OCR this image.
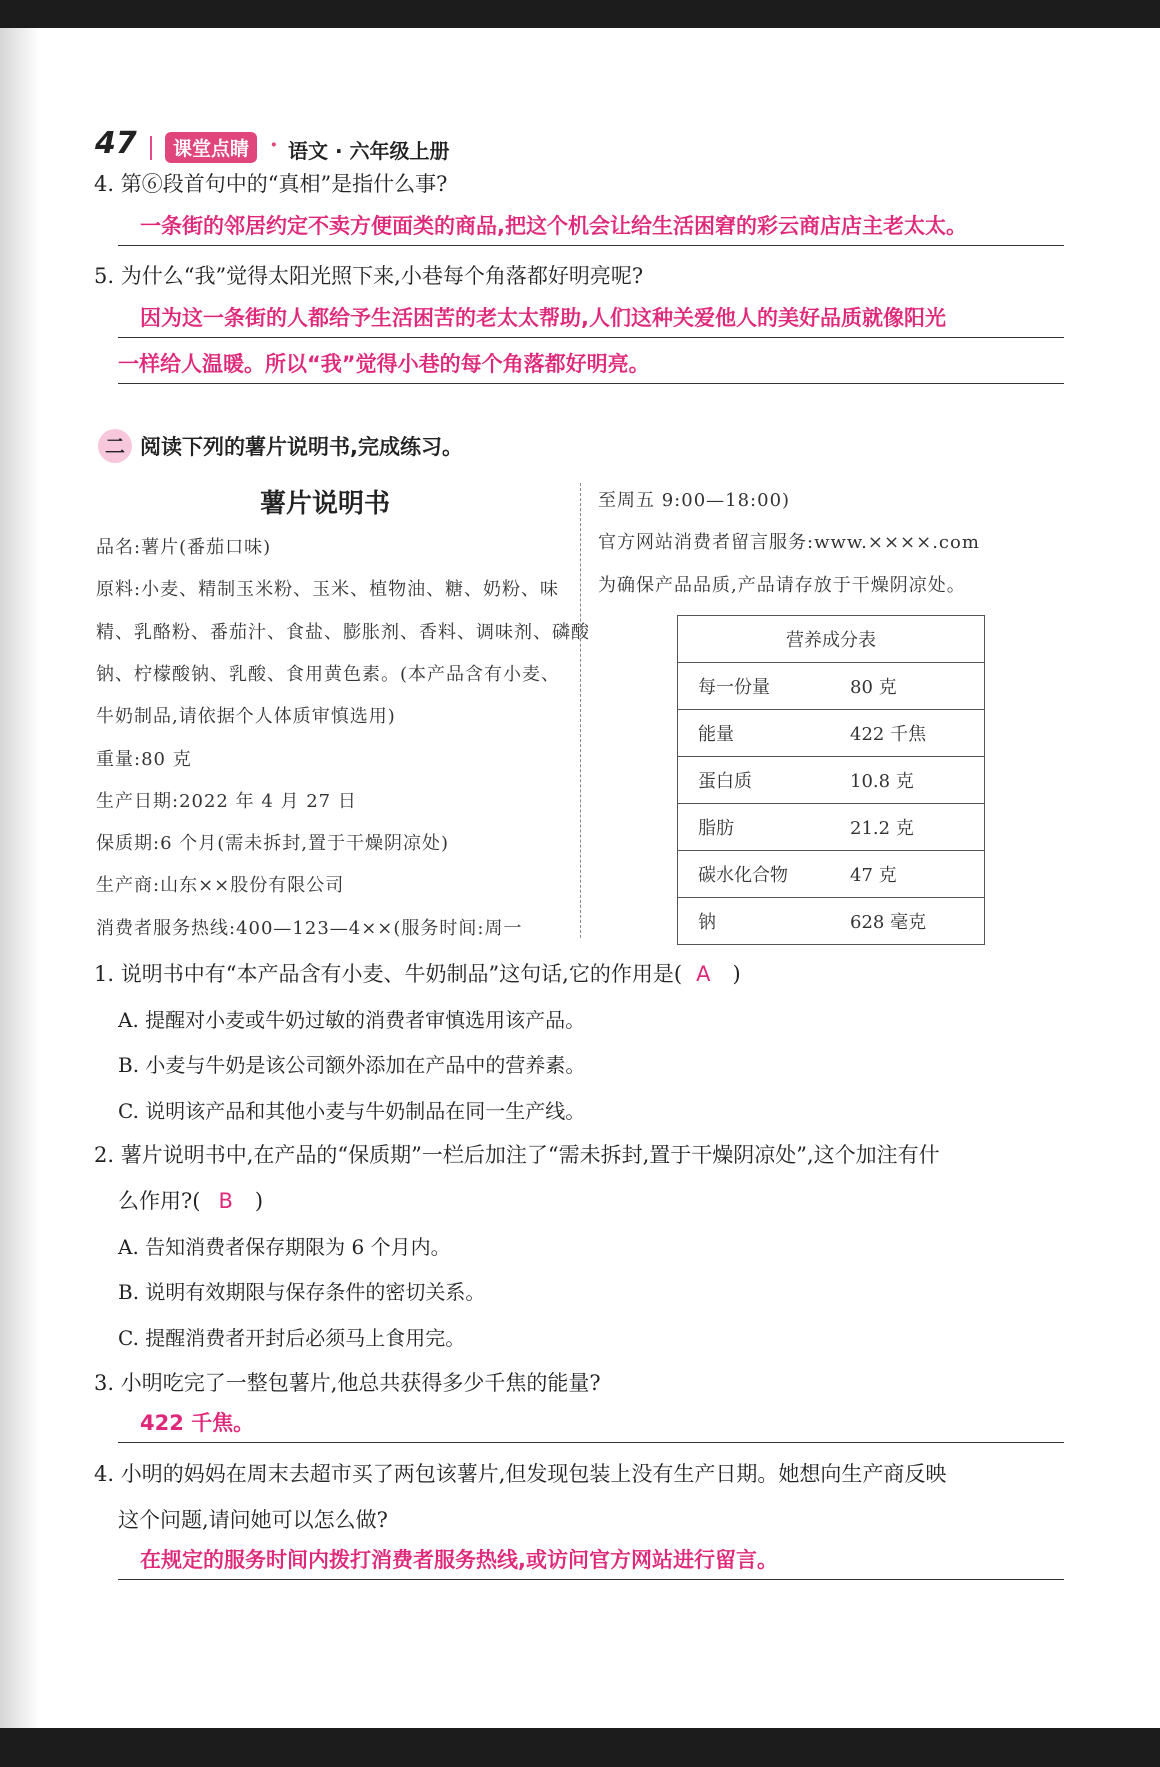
47	课堂点睛 · 语文 · 六年级上册
4. 第⑥段首句中的“真相”是指什么事?
一条街的邻居约定不卖方便面类的商品,把这个机会让给生活困窘的彩云商店店主老太太。
5. 为什么“我”觉得太阳光照下来,小巷每个角落都好明亮呢?
因为这一条街的人都给予生活困苦的老太太帮助,人们这种关爱他人的美好品质就像阳光
一样给人温暖。所以“我”觉得小巷的每个角落都好明亮。
二 阅读下列的薯片说明书,完成练习。
薯片说明书
品名:薯片(番茄口味)
原料:小麦、精制玉米粉、玉米、植物油、糖、奶粉、味
精、乳酪粉、番茄汁、食盐、膨胀剂、香料、调味剂、磷酸
钠、柠檬酸钠、乳酸、食用黄色素。(本产品含有小麦、
牛奶制品,请依据个人体质审慎选用)
重量:80 克
生产日期:2022 年 4 月 27 日
保质期:6 个月(需未拆封,置于干燥阴凉处)
生产商:山东××股份有限公司
消费者服务热线:400—123—4××(服务时间:周一
至周五 9:00—18:00)
官方网站消费者留言服务:www.××××.com
为确保产品品质,产品请存放于干燥阴凉处。
营养成分表	
每一份量	80 克
能量	422 千焦
蛋白质	10.8 克
脂肪	21.2 克
碳水化合物	47 克
钠	628 毫克
1. 说明书中有“本产品含有小麦、牛奶制品”这句话,它的作用是( A )
A. 提醒对小麦或牛奶过敏的消费者审慎选用该产品。
B. 小麦与牛奶是该公司额外添加在产品中的营养素。
C. 说明该产品和其他小麦与牛奶制品在同一生产线。
2. 薯片说明书中,在产品的“保质期”一栏后加注了“需未拆封,置于干燥阴凉处”,这个加注有什
么作用?( B )
A. 告知消费者保存期限为 6 个月内。
B. 说明有效期限与保存条件的密切关系。
C. 提醒消费者开封后必须马上食用完。
3. 小明吃完了一整包薯片,他总共获得多少千焦的能量?
422 千焦。
4. 小明的妈妈在周末去超市买了两包该薯片,但发现包装上没有生产日期。她想向生产商反映
这个问题,请问她可以怎么做?
在规定的服务时间内拨打消费者服务热线,或访问官方网站进行留言。
